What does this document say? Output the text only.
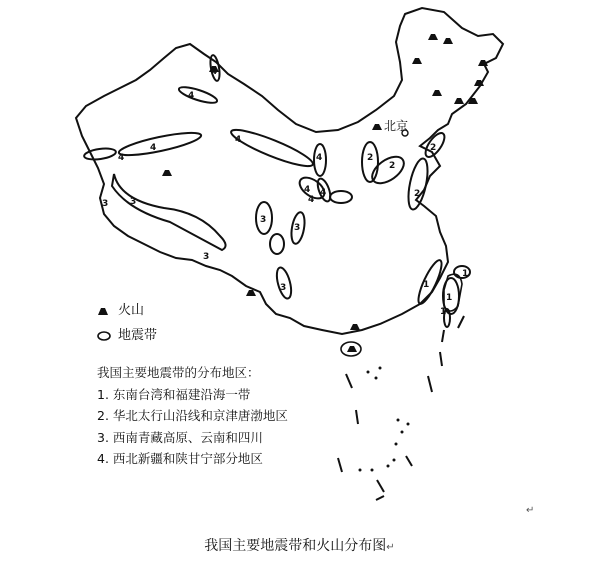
北京
1
1
1
1
2
2
2
2
3 3
3
3
3
3
4
4
4
4
4	4
4 4
4
火山
地震带
我国主要地震带的分布地区：
1. 东南台湾和福建沿海一带
2. 华北太行山沿线和京津唐渤地区
3. 西南青藏高原、云南和四川
4. 西北新疆和陕甘宁部分地区
↵
我国主要地震带和火山分布图↵
